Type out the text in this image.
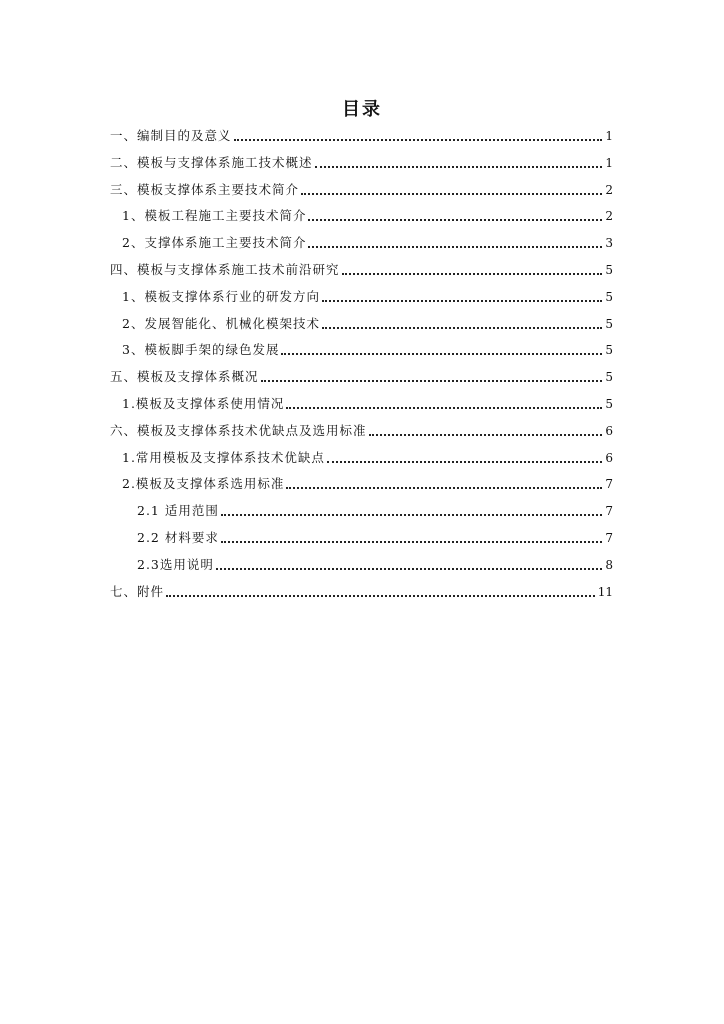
目录
一、编制目的及意义	1
二、模板与支撑体系施工技术概述	1
三、模板支撑体系主要技术简介	2
1、模板工程施工主要技术简介	2
2、支撑体系施工主要技术简介	3
四、模板与支撑体系施工技术前沿研究	5
1、模板支撑体系行业的研发方向	5
2、发展智能化、机械化模架技术	5
3、模板脚手架的绿色发展	5
五、模板及支撑体系概况	5
1.模板及支撑体系使用情况	5
六、模板及支撑体系技术优缺点及选用标准	6
1.常用模板及支撑体系技术优缺点	6
2.模板及支撑体系选用标准	7
2.1 适用范围	7
2.2 材料要求	7
2.3选用说明	8
七、附件	11
